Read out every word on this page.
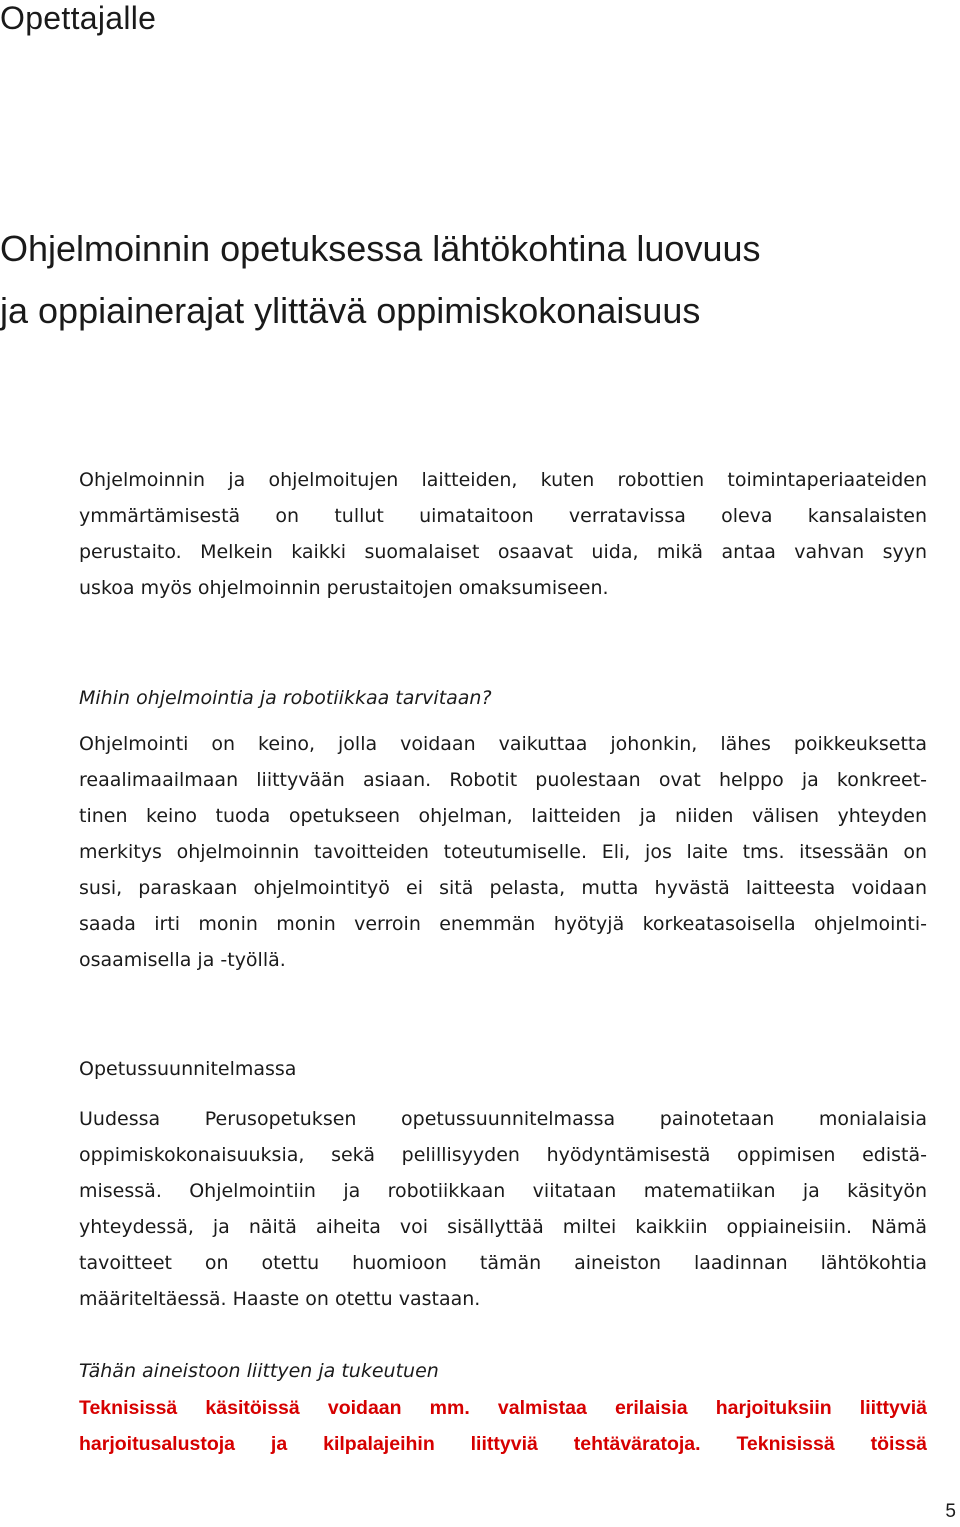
Opettajalle
Ohjelmoinnin opetuksessa lähtökohtina luovuus
ja oppiainerajat ylittävä oppimiskokonaisuus
Ohjelmoinnin ja ohjelmoitujen laitteiden, kuten robottien toimintaperiaateiden
ymmärtämisestä on tullut uimataitoon verratavissa oleva kansalaisten
perustaito. Melkein kaikki suomalaiset osaavat uida, mikä antaa vahvan syyn
uskoa myös ohjelmoinnin perustaitojen omaksumiseen.
Mihin ohjelmointia ja robotiikkaa tarvitaan?
Ohjelmointi on keino, jolla voidaan vaikuttaa johonkin, lähes poikkeuksetta
reaalimaailmaan liittyvään asiaan. Robotit puolestaan ovat helppo ja konkreet-
tinen keino tuoda opetukseen ohjelman, laitteiden ja niiden välisen yhteyden
merkitys ohjelmoinnin tavoitteiden toteutumiselle. Eli, jos laite tms. itsessään on
susi, paraskaan ohjelmointityö ei sitä pelasta, mutta hyvästä laitteesta voidaan
saada irti monin monin verroin enemmän hyötyjä korkeatasoisella ohjelmointi-
osaamisella ja -työllä.
Opetussuunnitelmassa
Uudessa Perusopetuksen opetussuunnitelmassa painotetaan monialaisia
oppimiskokonaisuuksia, sekä pelillisyyden hyödyntämisestä oppimisen edistä-
misessä. Ohjelmointiin ja robotiikkaan viitataan matematiikan ja käsityön
yhteydessä, ja näitä aiheita voi sisällyttää miltei kaikkiin oppiaineisiin. Nämä
tavoitteet on otettu huomioon tämän aineiston laadinnan lähtökohtia
määriteltäessä. Haaste on otettu vastaan.
Tähän aineistoon liittyen ja tukeutuen
Teknisissä käsitöissä voidaan mm. valmistaa erilaisia harjoituksiin liittyviä
harjoitusalustoja ja kilpalajeihin liittyviä tehtäväratoja. Teknisissä töissä
5
